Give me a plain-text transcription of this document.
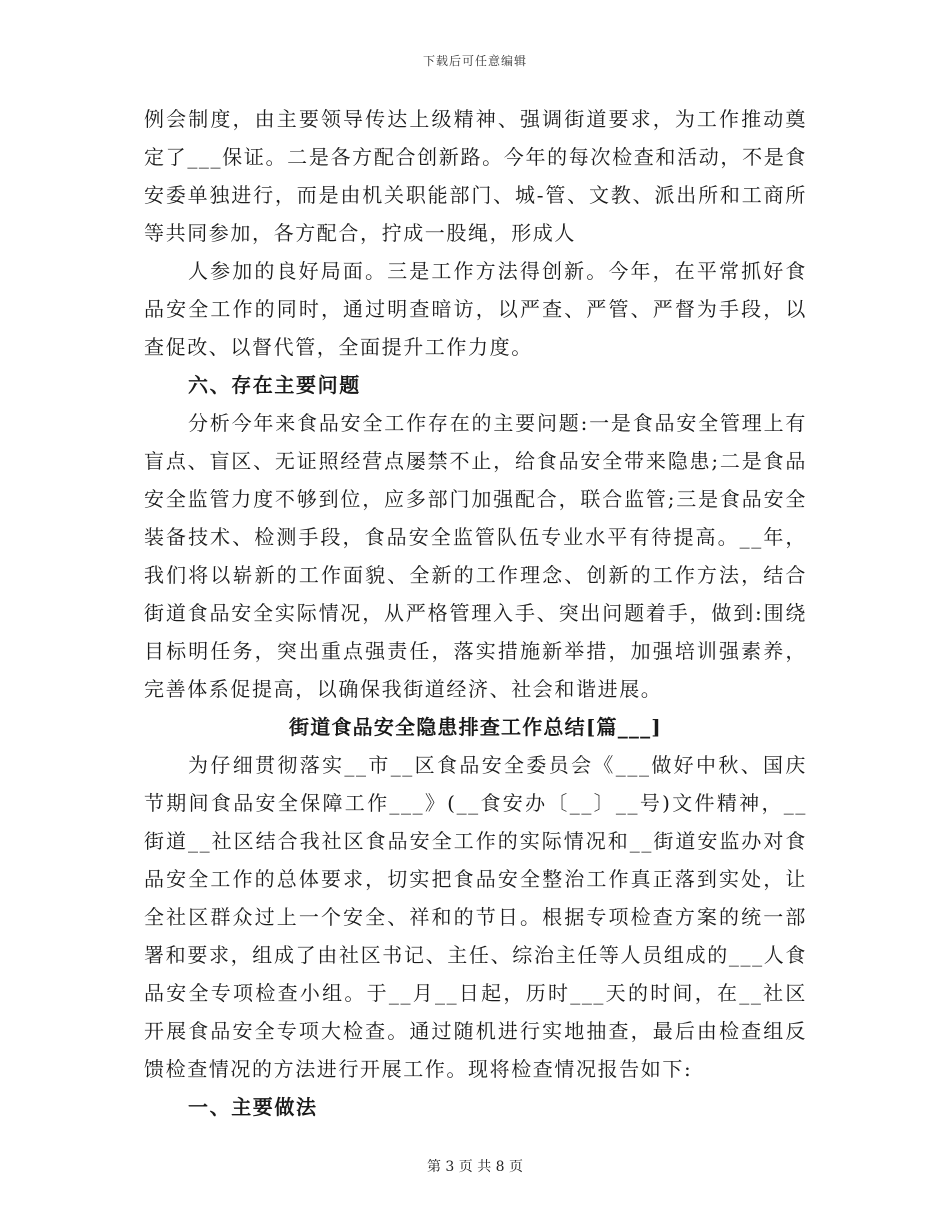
下载后可任意编辑

例会制度，由主要领导传达上级精神、强调街道要求，为工作推动奠定了___保证。二是各方配合创新路。今年的每次检查和活动，不是食安委单独进行，而是由机关职能部门、城-管、文教、派出所和工商所等共同参加，各方配合，拧成一股绳，形成人

人参加的良好局面。三是工作方法得创新。今年，在平常抓好食品安全工作的同时，通过明查暗访，以严查、严管、严督为手段，以查促改、以督代管，全面提升工作力度。

六、存在主要问题

分析今年来食品安全工作存在的主要问题:一是食品安全管理上有盲点、盲区、无证照经营点屡禁不止，给食品安全带来隐患;二是食品安全监管力度不够到位，应多部门加强配合，联合监管;三是食品安全装备技术、检测手段，食品安全监管队伍专业水平有待提高。__年，我们将以崭新的工作面貌、全新的工作理念、创新的工作方法，结合街道食品安全实际情况，从严格管理入手、突出问题着手，做到:围绕目标明任务，突出重点强责任，落实措施新举措，加强培训强素养，完善体系促提高，以确保我街道经济、社会和谐进展。

街道食品安全隐患排查工作总结[篇___]

为仔细贯彻落实__市__区食品安全委员会《___做好中秋、国庆节期间食品安全保障工作___》(__食安办〔__〕__号)文件精神，__街道__社区结合我社区食品安全工作的实际情况和__街道安监办对食品安全工作的总体要求，切实把食品安全整治工作真正落到实处，让全社区群众过上一个安全、祥和的节日。根据专项检查方案的统一部署和要求，组成了由社区书记、主任、综治主任等人员组成的___人食品安全专项检查小组。于__月__日起，历时___天的时间，在__社区开展食品安全专项大检查。通过随机进行实地抽查，最后由检查组反馈检查情况的方法进行开展工作。现将检查情况报告如下:

一、主要做法

第 3 页 共 8 页
